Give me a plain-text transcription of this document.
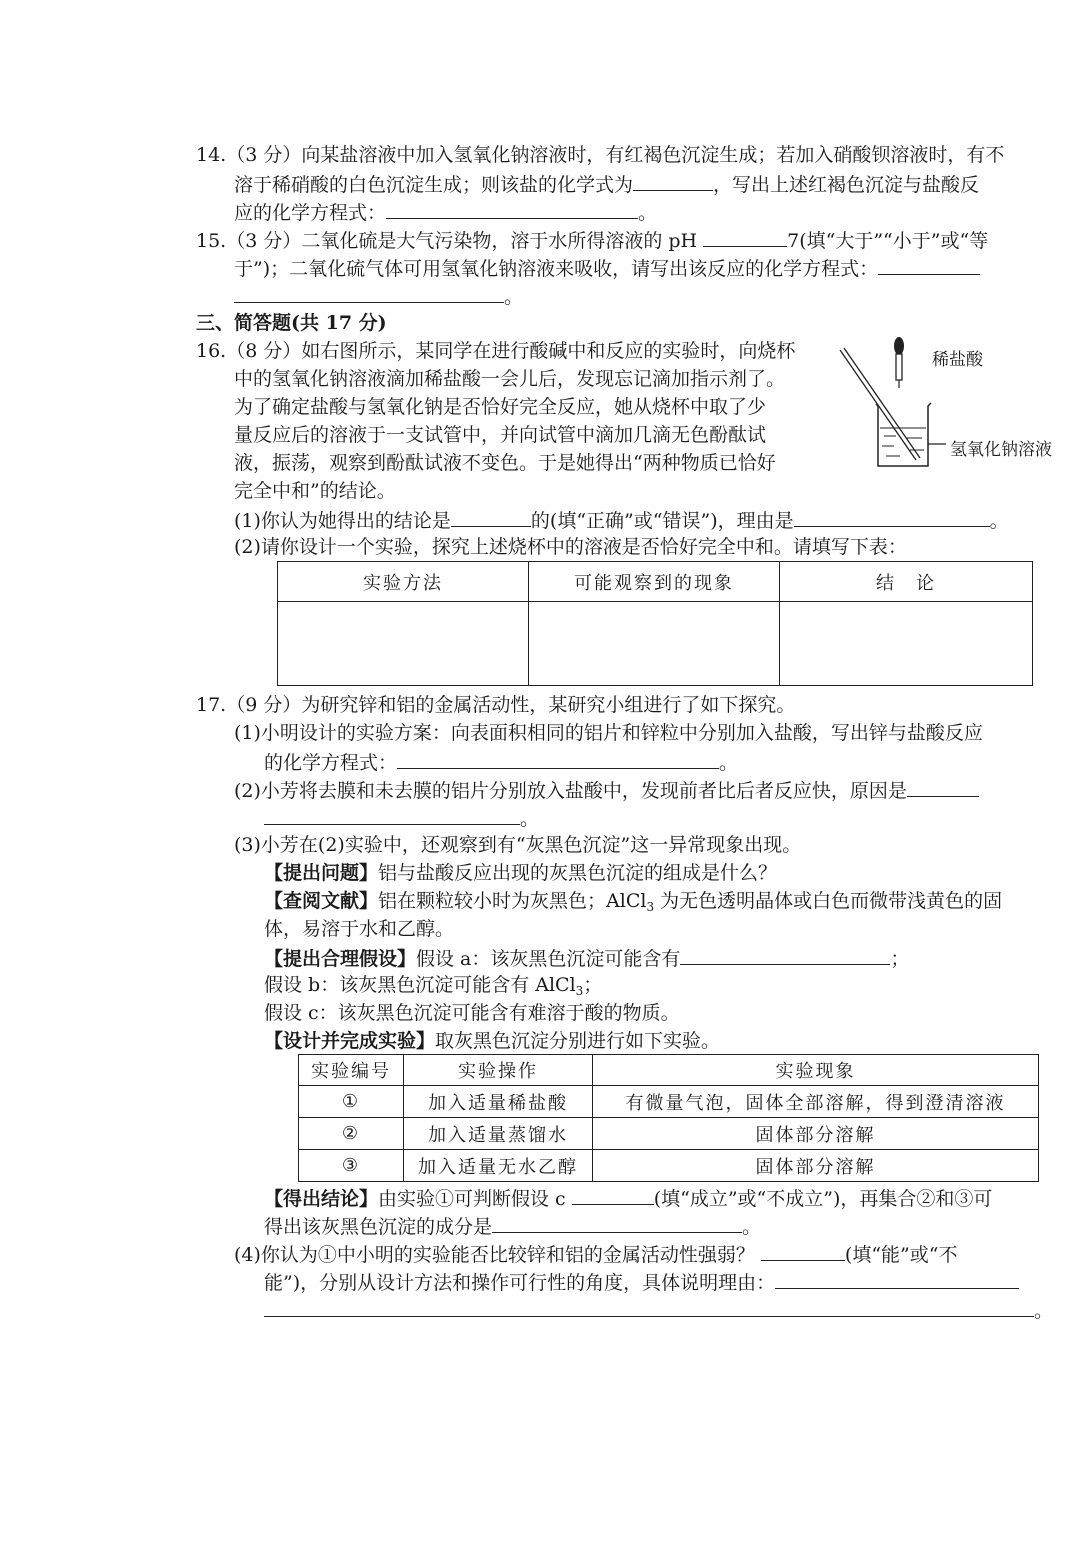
14.（3 分）向某盐溶液中加入氢氧化钠溶液时，有红褐色沉淀生成；若加入硝酸钡溶液时，有不
溶于稀硝酸的白色沉淀生成；则该盐的化学式为	，写出上述红褐色沉淀与盐酸反
应的化学方程式：	。
15.（3 分）二氧化硫是大气污染物，溶于水所得溶液的 pH	7(填“大于”“小于”或“等
于”)；二氧化硫气体可用氢氧化钠溶液来吸收，请写出该反应的化学方程式：
。
三、简答题(共 17 分)
16.（8 分）如右图所示，某同学在进行酸碱中和反应的实验时，向烧杯
中的氢氧化钠溶液滴加稀盐酸一会儿后，发现忘记滴加指示剂了。
为了确定盐酸与氢氧化钠是否恰好完全反应，她从烧杯中取了少
量反应后的溶液于一支试管中，并向试管中滴加几滴无色酚酞试
液，振荡，观察到酚酞试液不变色。于是她得出“两种物质已恰好
完全中和”的结论。
稀盐酸
氢氧化钠溶液
(1)你认为她得出的结论是	的(填“正确”或“错误”)，理由是	。
(2)请你设计一个实验，探究上述烧杯中的溶液是否恰好完全中和。请填写下表：
实验方法	可能观察到的现象	结　论

17.（9 分）为研究锌和铝的金属活动性，某研究小组进行了如下探究。
(1)小明设计的实验方案：向表面积相同的铝片和锌粒中分别加入盐酸，写出锌与盐酸反应
的化学方程式：	。
(2)小芳将去膜和未去膜的铝片分别放入盐酸中，发现前者比后者反应快，原因是
。
(3)小芳在(2)实验中，还观察到有“灰黑色沉淀”这一异常现象出现。
【提出问题】铝与盐酸反应出现的灰黑色沉淀的组成是什么？
【查阅文献】铝在颗粒较小时为灰黑色；AlCl$_3$ 为无色透明晶体或白色而微带浅黄色的固
体，易溶于水和乙醇。
【提出合理假设】假设 a：该灰黑色沉淀可能含有	；
假设 b：该灰黑色沉淀可能含有 AlCl$_3$；
假设 c：该灰黑色沉淀可能含有难溶于酸的物质。
【设计并完成实验】取灰黑色沉淀分别进行如下实验。
实验编号	实验操作	实验现象
①	加入适量稀盐酸	有微量气泡，固体全部溶解，得到澄清溶液
②	加入适量蒸馏水	固体部分溶解
③	加入适量无水乙醇	固体部分溶解
【得出结论】由实验①可判断假设 c	(填“成立”或“不成立”)，再集合②和③可
得出该灰黑色沉淀的成分是	。
(4)你认为①中小明的实验能否比较锌和铝的金属活动性强弱？	(填“能”或“不
能”)，分别从设计方法和操作可行性的角度，具体说明理由：
。
